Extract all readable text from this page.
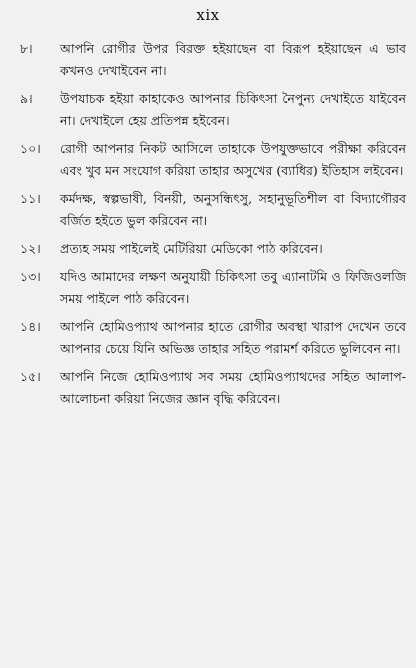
xix
৮।	আপনি রোগীর উপর বিরক্ত হইয়াছেন বা বিরূপ হইয়াছেন এ ভাব কখনও দেখাইবেন না।
৯।	উপযাচক হইয়া কাহাকেও আপনার চিকিৎসা নৈপুন্য দেখাইতে যাইবেন না। দেখাইলে হেয় প্রতিপন্ন হইবেন।
১০।	রোগী আপনার নিকট আসিলে তাহাকে উপযুক্তভাবে পরীক্ষা করিবেন এবং খুব মন সংযোগ করিয়া তাহার অসুখের (ব্যাধির) ইতিহাস লইবেন।
১১।	কর্মদক্ষ, স্বল্পভাষী, বিনয়ী, অনুসন্ধিৎসু, সহানুভূতিশীল বা বিদ্যাগৌরব বর্জিত হইতে ভুল করিবেন না।
১২।	প্রত্যহ সময় পাইলেই মেটিরিয়া মেডিকো পাঠ করিবেন।
১৩।	যদিও আমাদের লক্ষণ অনুযায়ী চিকিৎসা তবু এ্যানাটমি ও ফিজিওলজি সময় পাইলে পাঠ করিবেন।
১৪।	আপনি হোমিওপ্যাথ আপনার হাতে রোগীর অবস্থা খারাপ দেখেন তবে আপনার চেয়ে যিনি অভিজ্ঞ তাহার সহিত পরামর্শ করিতে ভুলিবেন না।
১৫।	আপনি নিজে হোমিওপ্যাথ সব সময় হোমিওপ্যাথদের সহিত আলাপ-আলোচনা করিয়া নিজের জ্ঞান বৃদ্ধি করিবেন।
